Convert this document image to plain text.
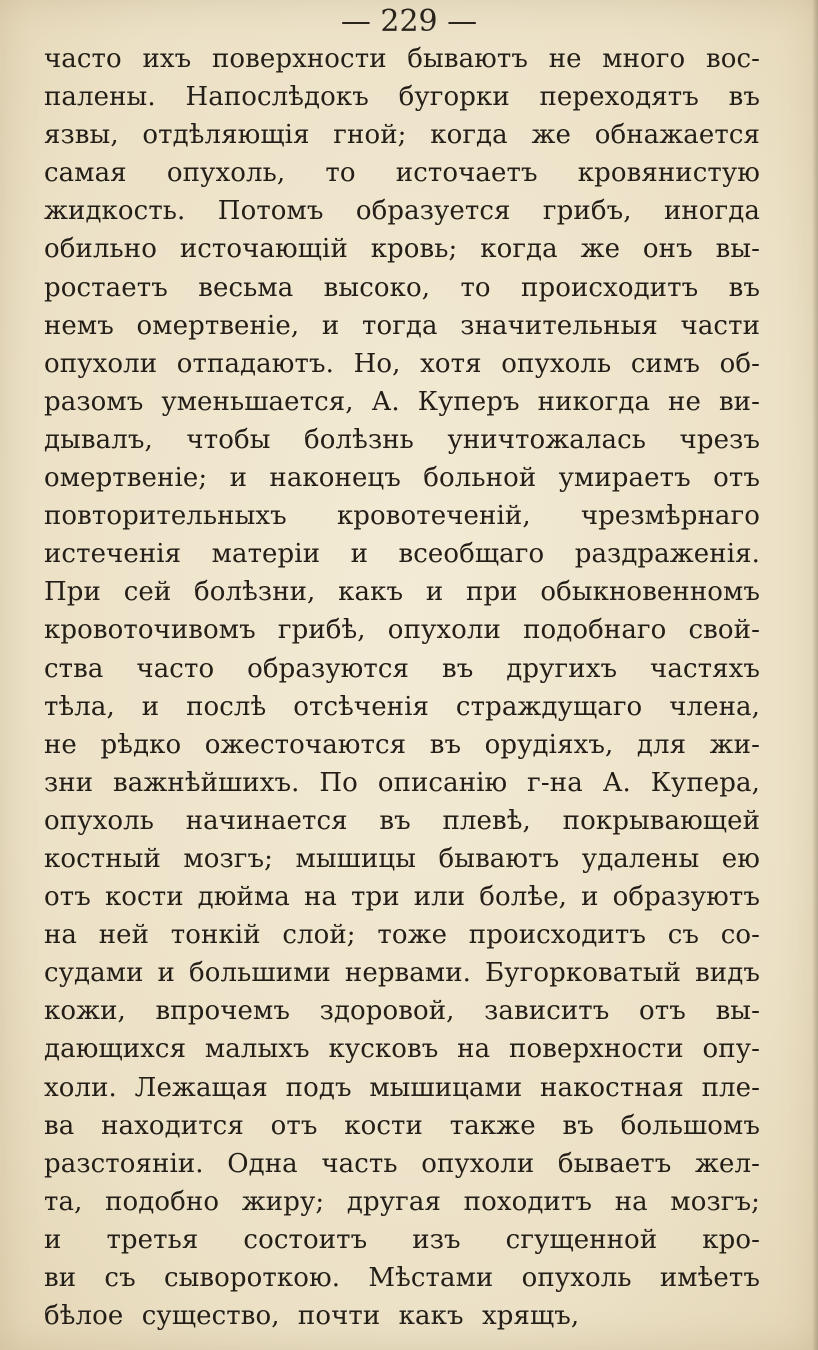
— 229 —
часто ихъ поверхности бываютъ не много вос-
палены. Напослѣдокъ бугорки переходятъ въ
язвы, отдѣляющія гной; когда же обнажается
самая опухоль, то источаетъ кровянистую
жидкость. Потомъ образуется грибъ, иногда
обильно источающій кровь; когда же онъ вы-
ростаетъ весьма высоко, то происходитъ въ
немъ омертвеніе, и тогда значительныя части
опухоли отпадаютъ. Но, хотя опухоль симъ об-
разомъ уменьшается, А. Куперъ никогда не ви-
дывалъ, чтобы болѣзнь уничтожалась чрезъ
омертвеніе; и наконецъ больной умираетъ отъ
повторительныхъ кровотеченій, чрезмѣрнаго
истеченія матеріи и всеобщаго раздраженія.
При сей болѣзни, какъ и при обыкновенномъ
кровоточивомъ грибѣ, опухоли подобнаго свой-
ства часто образуются въ другихъ частяхъ
тѣла, и послѣ отсѣченія страждущаго члена,
не рѣдко ожесточаются въ орудіяхъ, для жи-
зни важнѣйшихъ. По описанію г-на А. Купера,
опухоль начинается въ плевѣ, покрывающей
костный мозгъ; мышицы бываютъ удалены ею
отъ кости дюйма на три или болѣе, и образуютъ
на ней тонкій слой; тоже происходитъ съ со-
судами и большими нервами. Бугорковатый видъ
кожи, впрочемъ здоровой, зависитъ отъ вы-
дающихся малыхъ кусковъ на поверхности опу-
холи. Лежащая подъ мышицами накостная пле-
ва находится отъ кости также въ большомъ
разстояніи. Одна часть опухоли бываетъ жел-
та, подобно жиру; другая походитъ на мозгъ;
и третья состоитъ изъ сгущенной кро-
ви съ сывороткою. Мѣстами опухоль имѣетъ
бѣлое существо, почти какъ хрящъ,
